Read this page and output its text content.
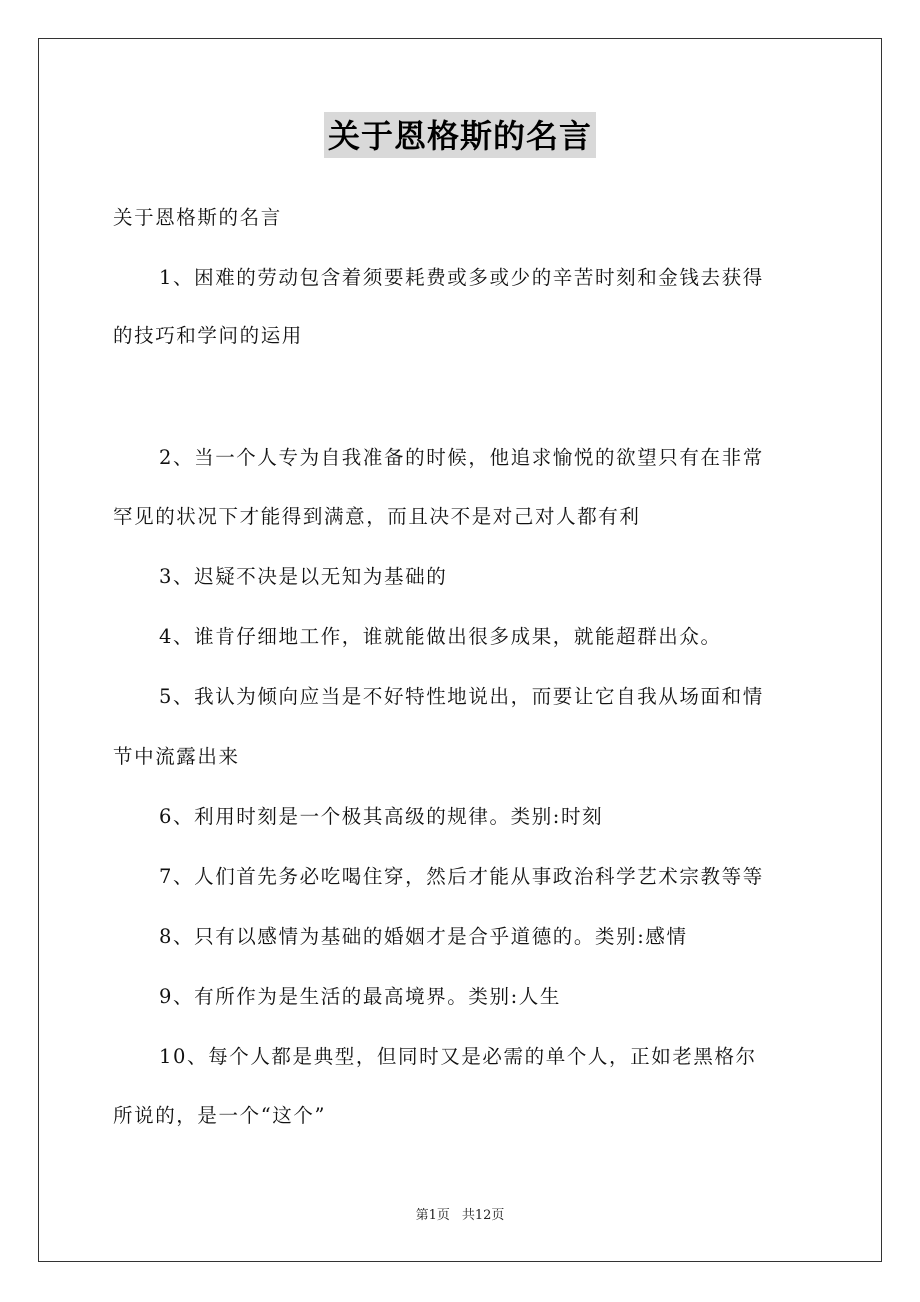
关于恩格斯的名言
关于恩格斯的名言
1、困难的劳动包含着须要耗费或多或少的辛苦时刻和金钱去获得
的技巧和学问的运用
2、当一个人专为自我准备的时候，他追求愉悦的欲望只有在非常
罕见的状况下才能得到满意，而且决不是对己对人都有利
3、迟疑不决是以无知为基础的
4、谁肯仔细地工作，谁就能做出很多成果，就能超群出众。
5、我认为倾向应当是不好特性地说出，而要让它自我从场面和情
节中流露出来
6、利用时刻是一个极其高级的规律。类别:时刻
7、人们首先务必吃喝住穿，然后才能从事政治科学艺术宗教等等
8、只有以感情为基础的婚姻才是合乎道德的。类别:感情
9、有所作为是生活的最高境界。类别:人生
10、每个人都是典型，但同时又是必需的单个人，正如老黑格尔
所说的，是一个“这个”
第1页 共12页
